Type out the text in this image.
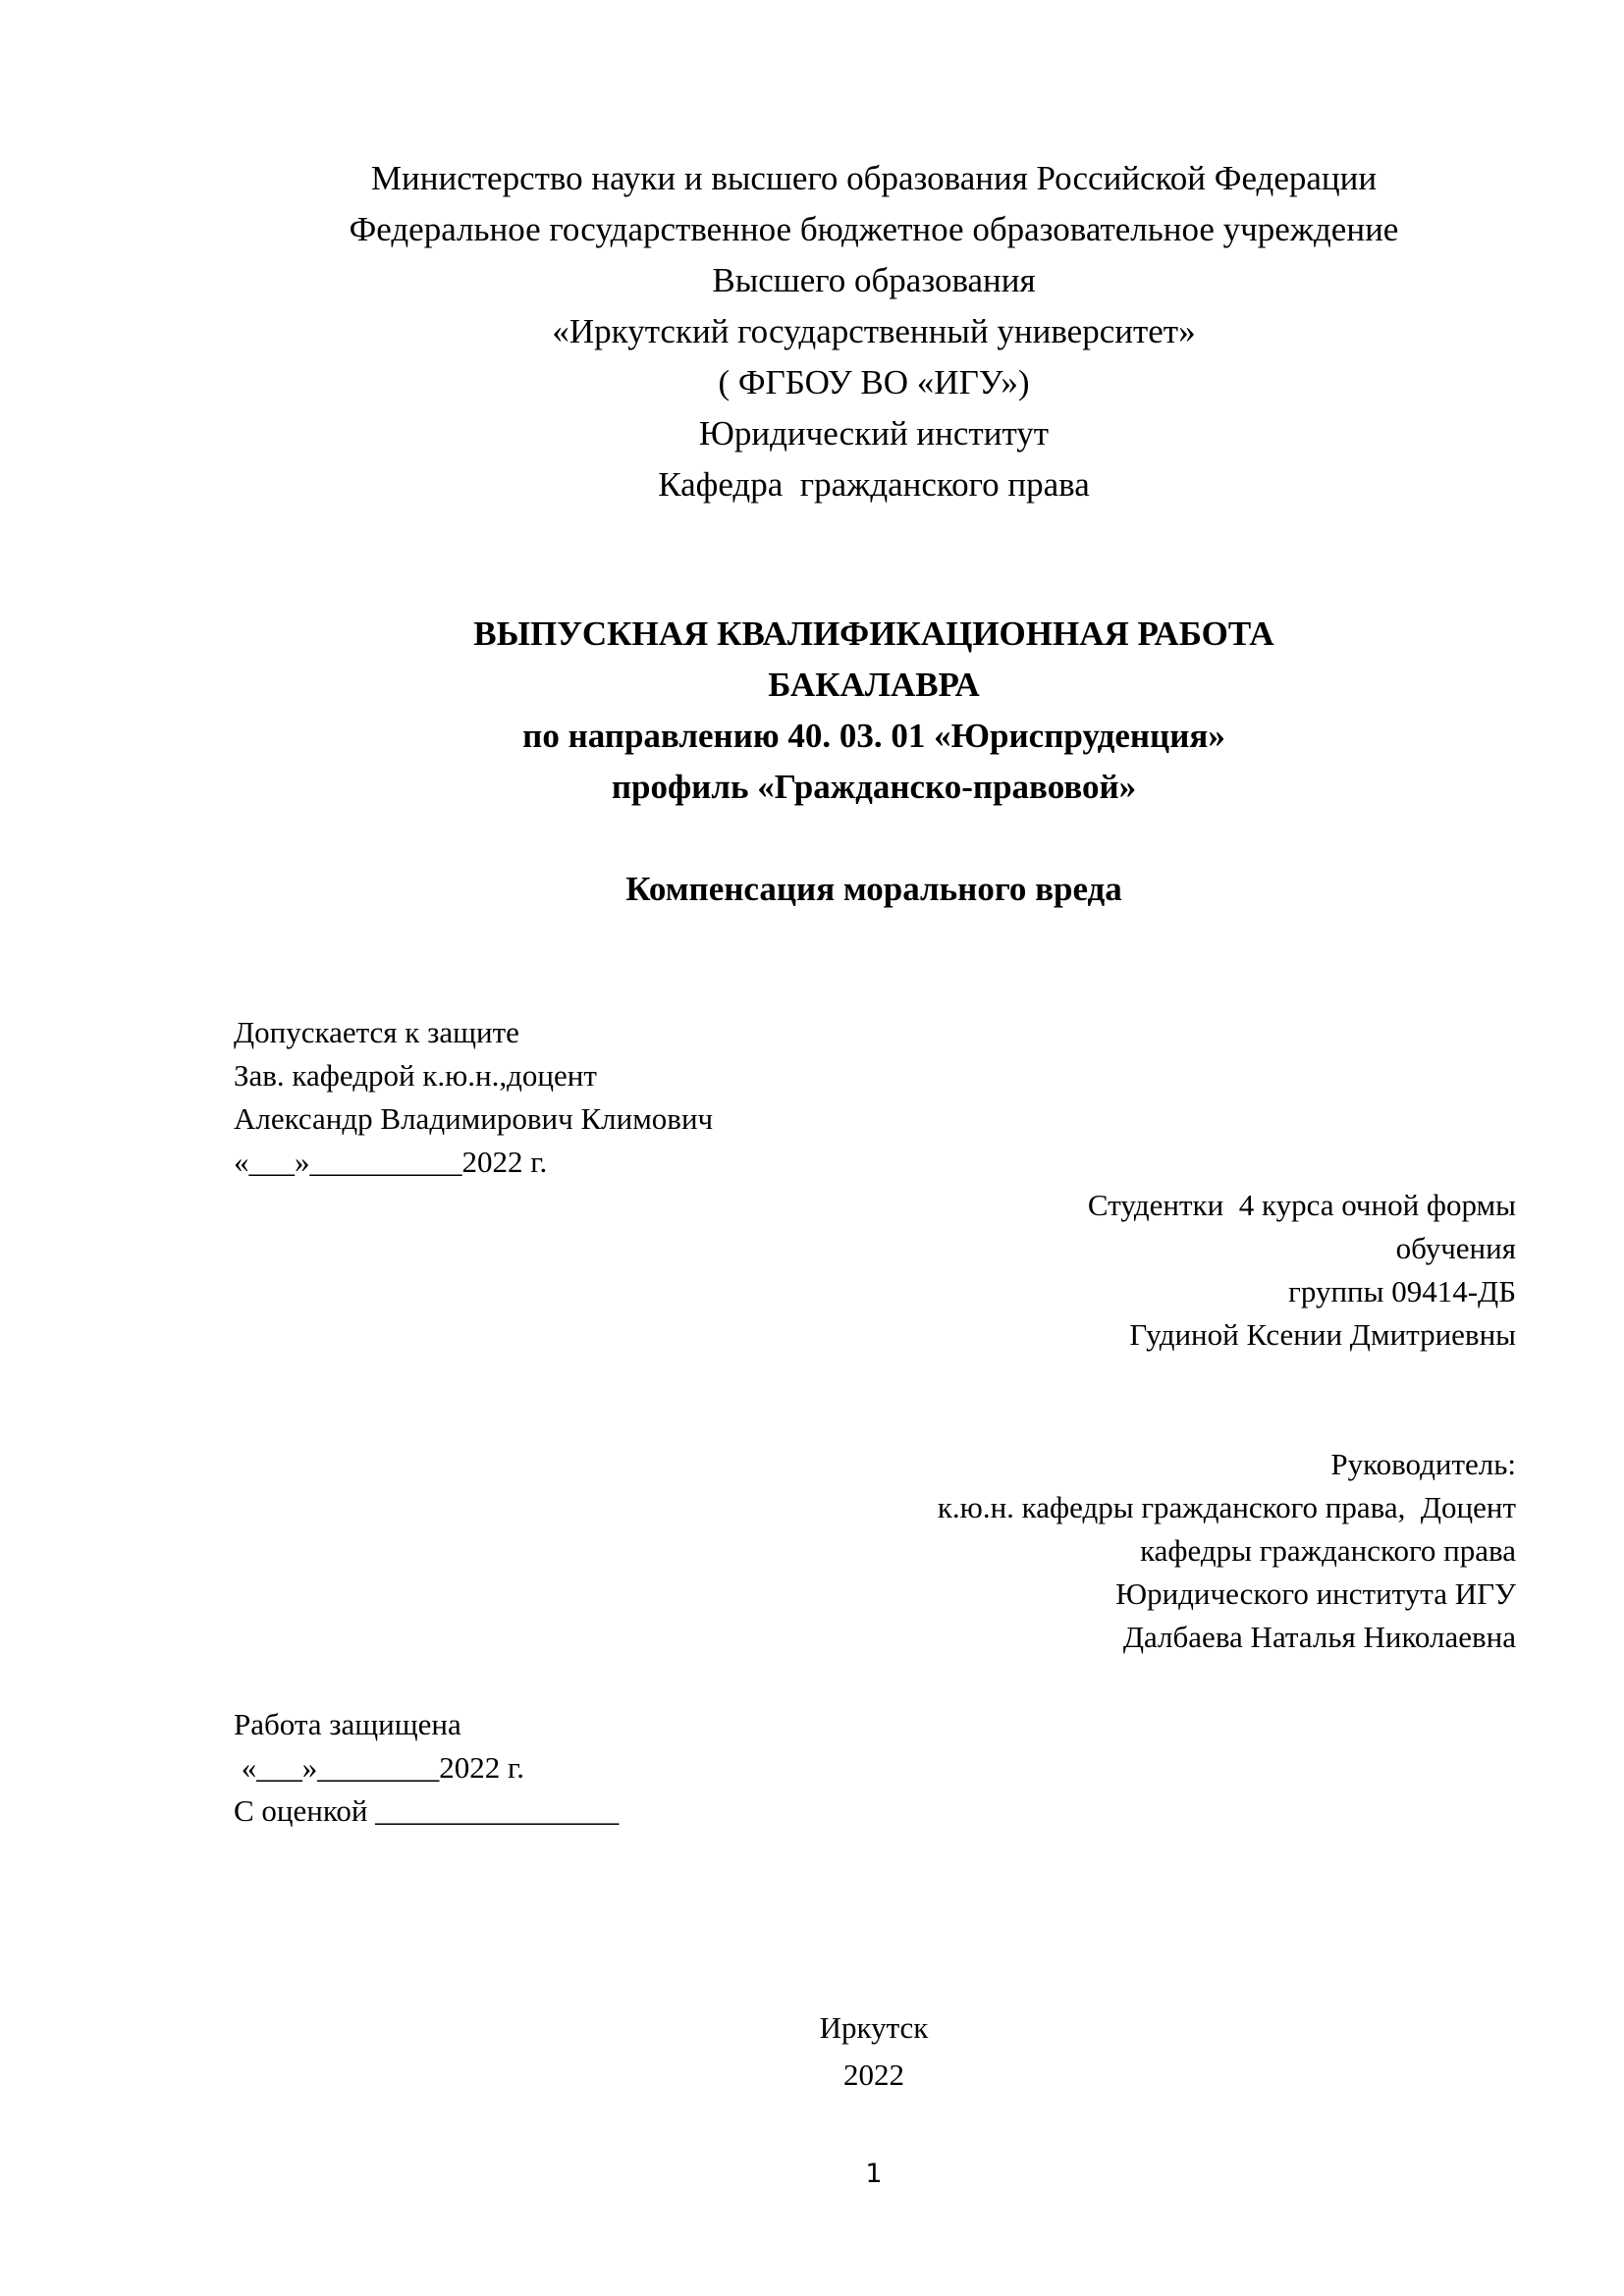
Министерство науки и высшего образования Российской Федерации
Федеральное государственное бюджетное образовательное учреждение
Высшего образования
«Иркутский государственный университет»
( ФГБОУ ВО «ИГУ»)
Юридический институт
Кафедра  гражданского права
ВЫПУСКНАЯ КВАЛИФИКАЦИОННАЯ РАБОТА
БАКАЛАВРА
по направлению 40. 03. 01 «Юриспруденция»
профиль «Гражданско-правовой»
Компенсация морального вреда
Допускается к защите
Зав. кафедрой к.ю.н.,доцент
Александр Владимирович Климович
«___»__________2022 г.
Студентки  4 курса очной формы
обучения
группы 09414-ДБ
Гудиной Ксении Дмитриевны
Руководитель:
к.ю.н. кафедры гражданского права,  Доцент
кафедры гражданского права
Юридического института ИГУ
Далбаева Наталья Николаевна
Работа защищена
«___»________2022 г.
С оценкой ________________
Иркутск
2022
1
